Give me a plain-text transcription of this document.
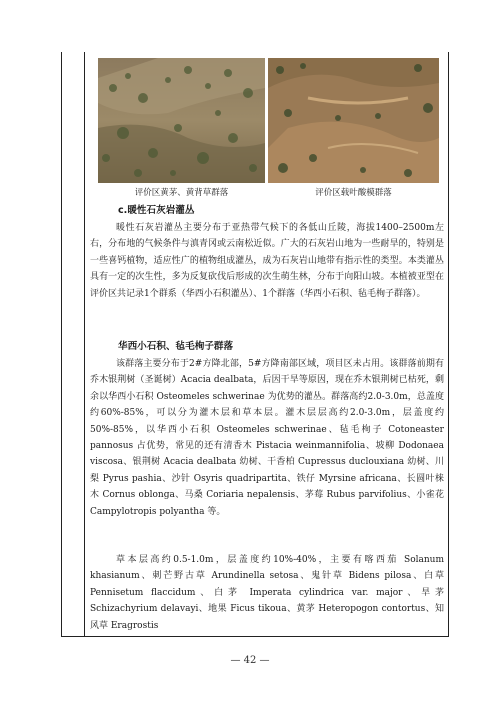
评价区黄茅、黄背草群落	评价区载叶酸模群落
c.暖性石灰岩灌丛
暖性石灰岩灌丛主要分布于亚热带气候下的各低山丘陵，海拔1400–2500m左右，分布地的气候条件与滇青冈或云南松近似。广大的石灰岩山地为一些耐旱的，特别是一些喜钙植物，适应性广的植物组成灌丛，成为石灰岩山地带有指示性的类型。本类灌丛具有一定的次生性，多为反复砍伐后形成的次生萌生林，分布于向阳山坡。本植被亚型在评价区共记录1个群系（华西小石积灌丛）、1个群落（华西小石积、毡毛栒子群落）。
华西小石积、毡毛栒子群落
该群落主要分布于2#方降北部，5#方降南部区域，项目区未占用。该群落前期有乔木银荆树（圣诞树）Acacia dealbata，后因干旱等原因，现在乔木银荆树已枯死，剩余以华西小石积 Osteomeles schwerinae 为优势的灌丛。群落高约2.0-3.0m，总盖度约60%-85%，可以分为灌木层和草本层。灌木层层高约2.0-3.0m，层盖度约50%-85%，以华西小石积 Osteomeles schwerinae、毡毛栒子 Cotoneaster pannosus 占优势，常见的还有清香木 Pistacia weinmannifolia、坡柳 Dodonaea viscosa、银荆树 Acacia dealbata 幼树、干香柏 Cupressus duclouxiana 幼树、川梨 Pyrus pashia、沙针 Osyris quadripartita、铁仔 Myrsine africana、长圆叶梾木 Cornus oblonga、马桑 Coriaria nepalensis、茅莓 Rubus parvifolius、小雀花 Campylotropis polyantha 等。
草本层高约0.5-1.0m，层盖度约10%-40%，主要有喀西茄 Solanum khasianum、刺芒野古草 Arundinella setosa、鬼针草 Bidens pilosa、白草 Pennisetum flaccidum、白茅 Imperata cylindrica var. major、旱茅 Schizachyrium delavayi、地果 Ficus tikoua、黄茅 Heteropogon contortus、知风草 Eragrostis
— 42 —
